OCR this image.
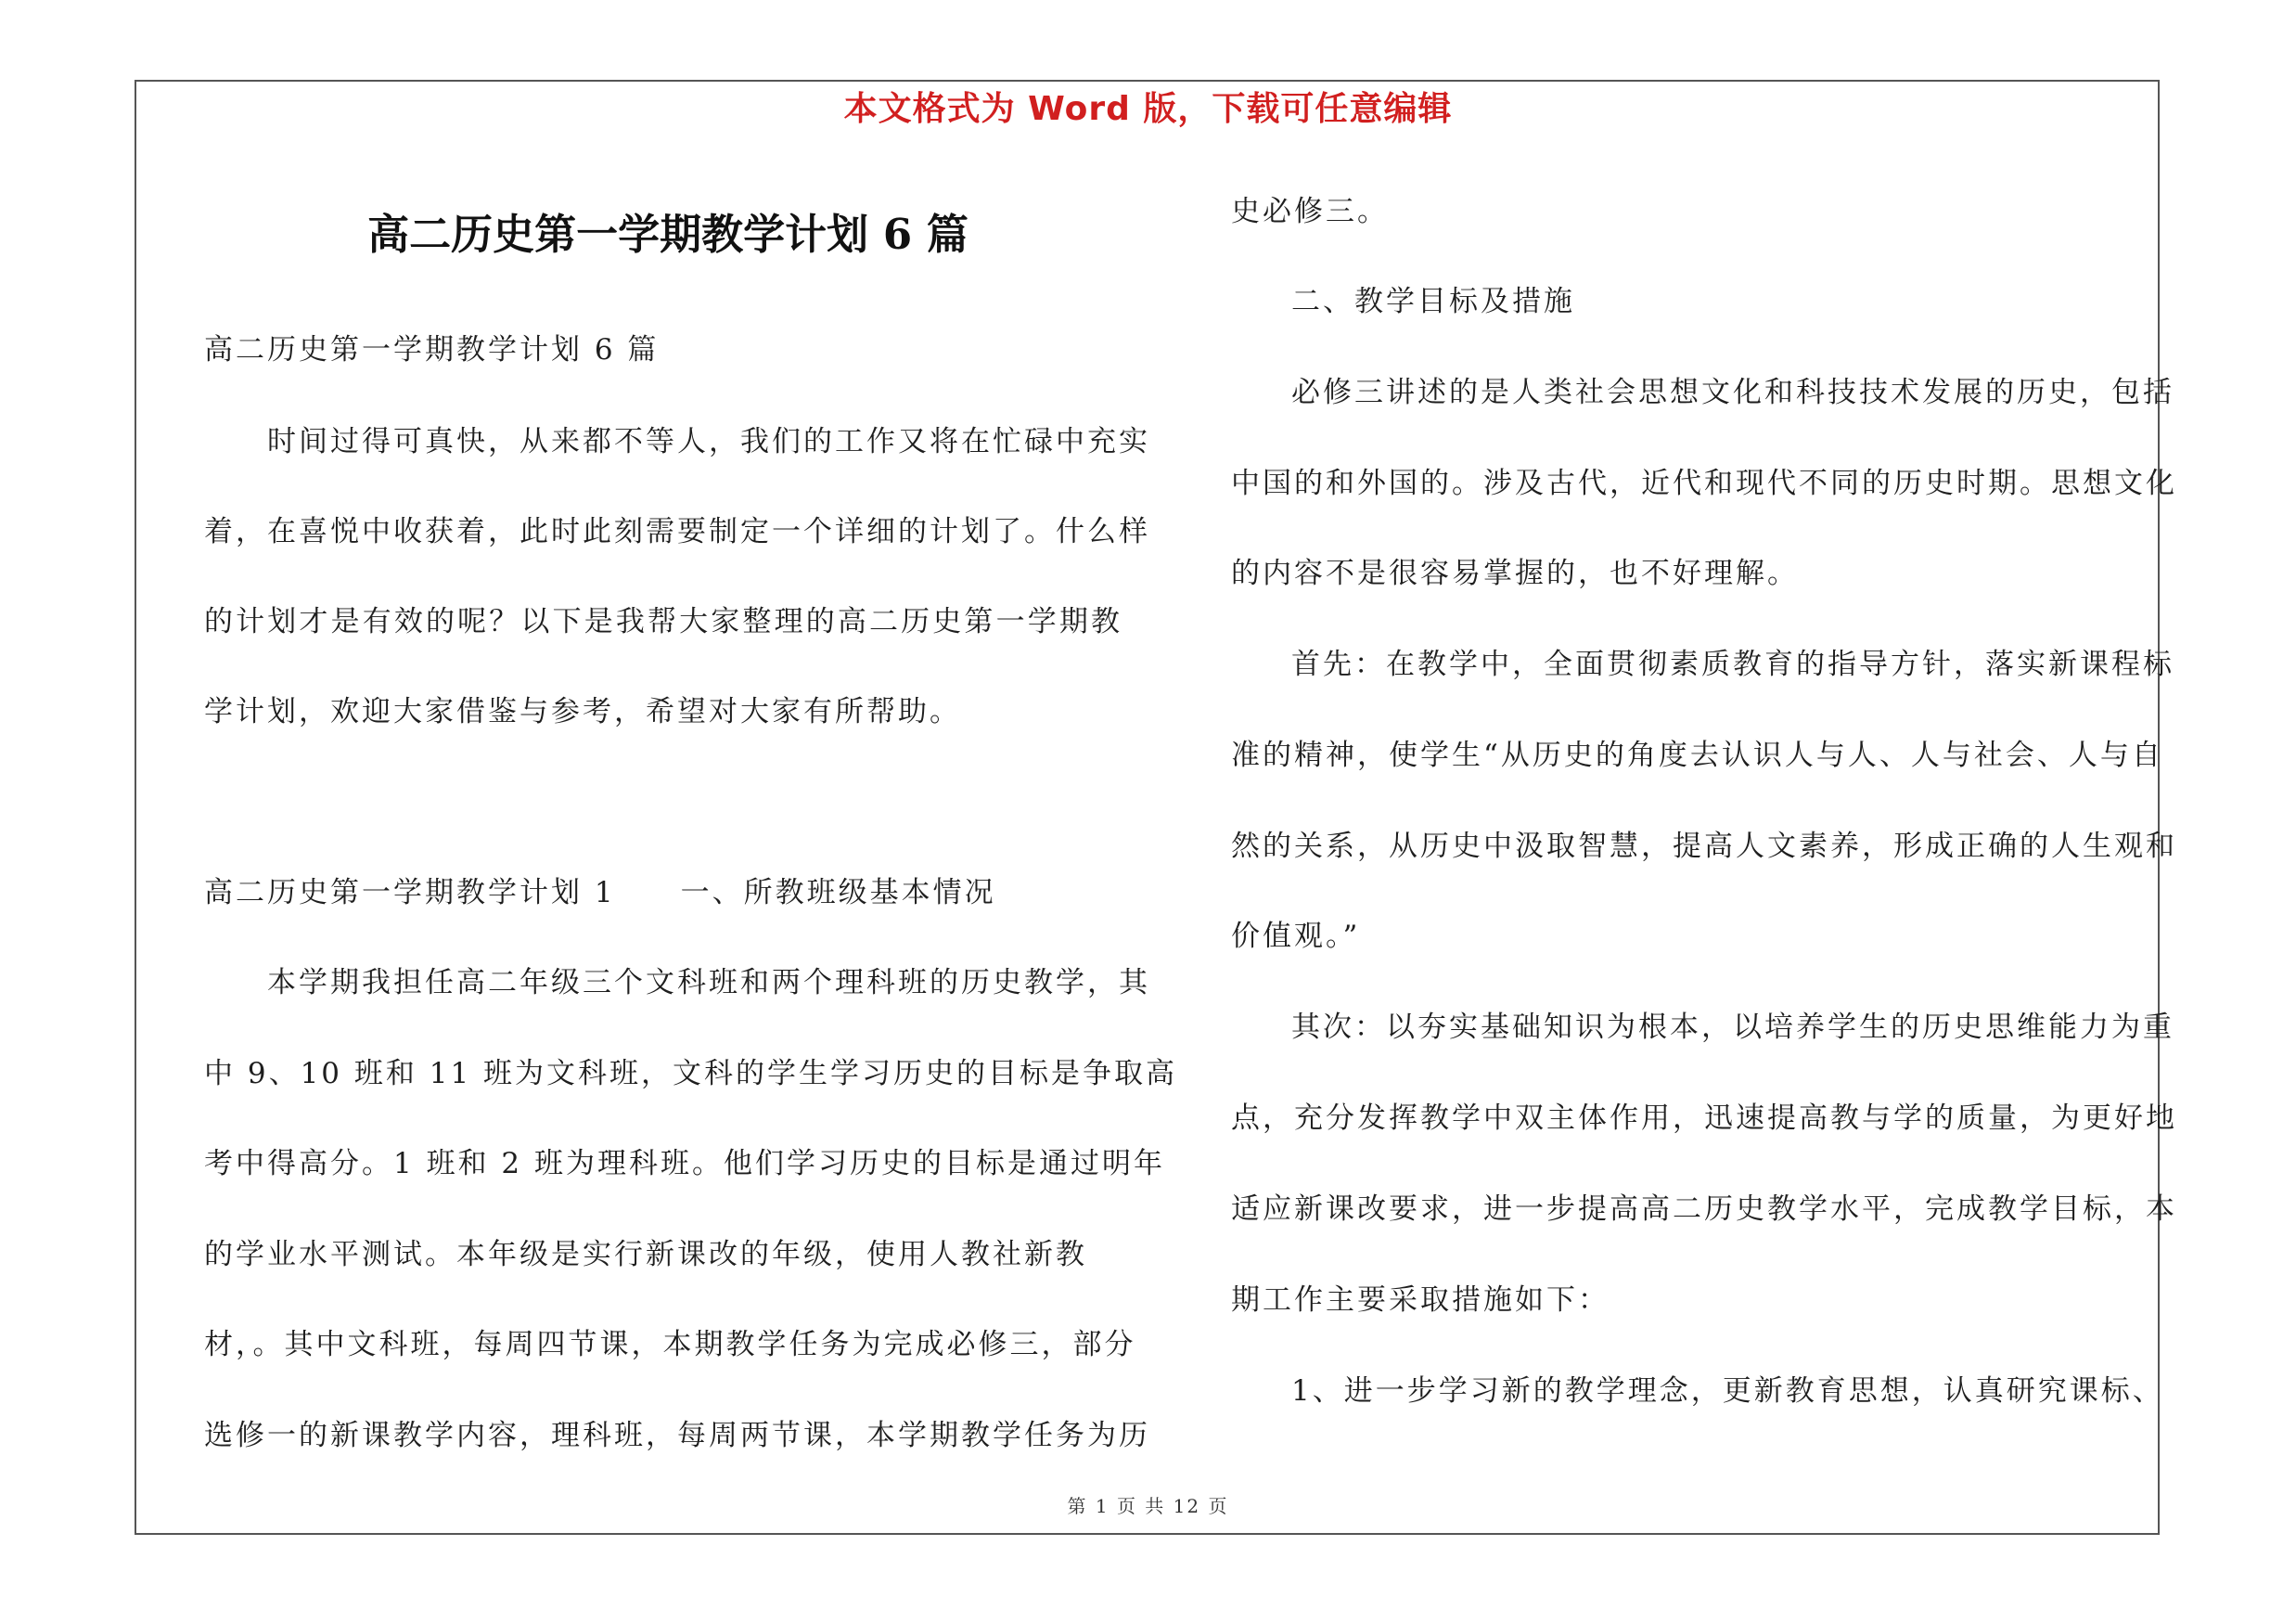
本文格式为 Word 版，下载可任意编辑
高二历史第一学期教学计划 6 篇
高二历史第一学期教学计划 6 篇
时间过得可真快，从来都不等人，我们的工作又将在忙碌中充实
着，在喜悦中收获着，此时此刻需要制定一个详细的计划了。什么样
的计划才是有效的呢？以下是我帮大家整理的高二历史第一学期教
学计划，欢迎大家借鉴与参考，希望对大家有所帮助。
高二历史第一学期教学计划 1 一、所教班级基本情况
本学期我担任高二年级三个文科班和两个理科班的历史教学，其
中 9、10 班和 11 班为文科班，文科的学生学习历史的目标是争取高
考中得高分。1 班和 2 班为理科班。他们学习历史的目标是通过明年
的学业水平测试。本年级是实行新课改的年级，使用人教社新教
材，。其中文科班，每周四节课，本期教学任务为完成必修三，部分
选修一的新课教学内容，理科班，每周两节课，本学期教学任务为历
史必修三。
二、教学目标及措施
必修三讲述的是人类社会思想文化和科技技术发展的历史，包括
中国的和外国的。涉及古代，近代和现代不同的历史时期。思想文化
的内容不是很容易掌握的，也不好理解。
首先：在教学中，全面贯彻素质教育的指导方针，落实新课程标
准的精神，使学生“从历史的角度去认识人与人、人与社会、人与自
然的关系，从历史中汲取智慧，提高人文素养，形成正确的人生观和
价值观。”
其次：以夯实基础知识为根本，以培养学生的历史思维能力为重
点，充分发挥教学中双主体作用，迅速提高教与学的质量，为更好地
适应新课改要求，进一步提高高二历史教学水平，完成教学目标，本
期工作主要采取措施如下：
1、进一步学习新的教学理念，更新教育思想，认真研究课标、
第 1 页 共 12 页
